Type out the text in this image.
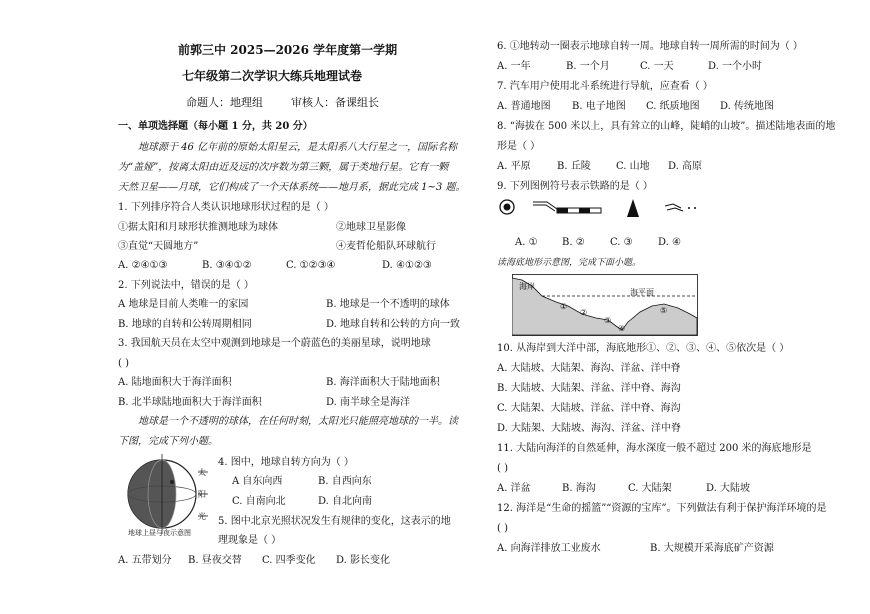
前郭三中 2025—2026 学年度第一学期
七年级第二次学识大练兵地理试卷
命题人：地理组        审核人：备课组长
一、单项选择题（每小题 1 分，共 20 分）
地球源于 46 亿年前的原始太阳星云，是太阳系八大行星之一，国际名称
为“盖娅”，按离太阳由近及远的次序数为第三颗，属于类地行星。它有一颗
天然卫星——月球，它们构成了一个天体系统——地月系，据此完成 1~3 题。
1. 下列排序符合人类认识地球形状过程的是（ ）
①据太阳和月球形状推测地球为球体	②地球卫星影像
③直觉“天圆地方”	④麦哲伦船队环球航行
A. ②④①③	B. ③④①②	C. ①②③④	D. ④①②③
2. 下列说法中，错误的是（ ）
A 地球是目前人类唯一的家园	B. 地球是一个不透明的球体
B. 地球的自转和公转周期相同	D. 地球自转和公转的方向一致
3. 我国航天员在太空中观测到地球是一个蔚蓝色的美丽星球，说明地球
( )
A. 陆地面积大于海洋面积	B. 海洋面积大于陆地面积
B. 北半球陆地面积大于海洋面积	D. 南半球全是海洋
地球是一个不透明的球体，在任何时刻，太阳光只能照亮地球的一半。读
下图，完成下列小题。
太
阳
光
地球上昼与夜示意图
4. 图中，地球自转方向为（ ）
A 自东向西	B. 自西向东
C. 自南向北	D. 自北向南
5. 图中北京光照状况发生有规律的变化，这表示的地
理现象是（ ）
A. 五带划分 B. 昼夜交替 C. 四季变化 D. 影长变化
6. ①地转动一圈表示地球自转一周。地球自转一周所需的时间为（ ）
A. 一年	B. 一个月	C. 一天	D. 一个小时
7. 汽车用户使用北斗系统进行导航，应查看（ ）
A. 普通地图 B. 电子地图 C. 纸质地图 D. 传统地图
8. “海拔在 500 米以上，具有耸立的山峰，陡峭的山坡”。描述陆地表面的地
形是（ ）
A. 平原	B. 丘陵	C. 山地 D. 高原
9. 下列图例符号表示铁路的是（ ）
A. ① B. ②	C. ③	D. ④
读海底地形示意图，完成下面小题。
海岸
海平面
①
②
③
④
⑤
10. 从海岸到大洋中部，海底地形①、②、③、④、⑤依次是（ ）
A. 大陆坡、大陆架、海沟、洋盆、洋中脊
B. 大陆坡、大陆架、洋盆、洋中脊、海沟
C. 大陆架、大陆坡、洋盆、洋中脊、海沟
D. 大陆架、大陆坡、海沟、洋盆、洋中脊
11. 大陆向海洋的自然延伸，海水深度一般不超过 200 米的海底地形是
( )
A. 洋盆	B. 海沟	C. 大陆架	D. 大陆坡
12. 海洋是“生命的摇篮”“资源的宝库”。下列做法有利于保护海洋环境的是
( )
A. 向海洋排放工业废水	B. 大规模开采海底矿产资源
